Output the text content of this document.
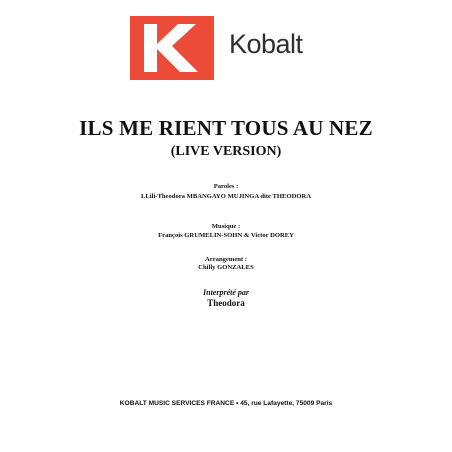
Kobalt
ILS ME RIENT TOUS AU NEZ
(LIVE VERSION)
Paroles :
LLili-Theodora MBANGAYO MUJINGA dite THEODORA
Musique :
François GRUMELIN-SOHN & Victor DOREY
Arrangement :
Chilly GONZALES
Interprété par
Theodora
KOBALT MUSIC SERVICES FRANCE • 45, rue Lafayette, 75009 Paris
